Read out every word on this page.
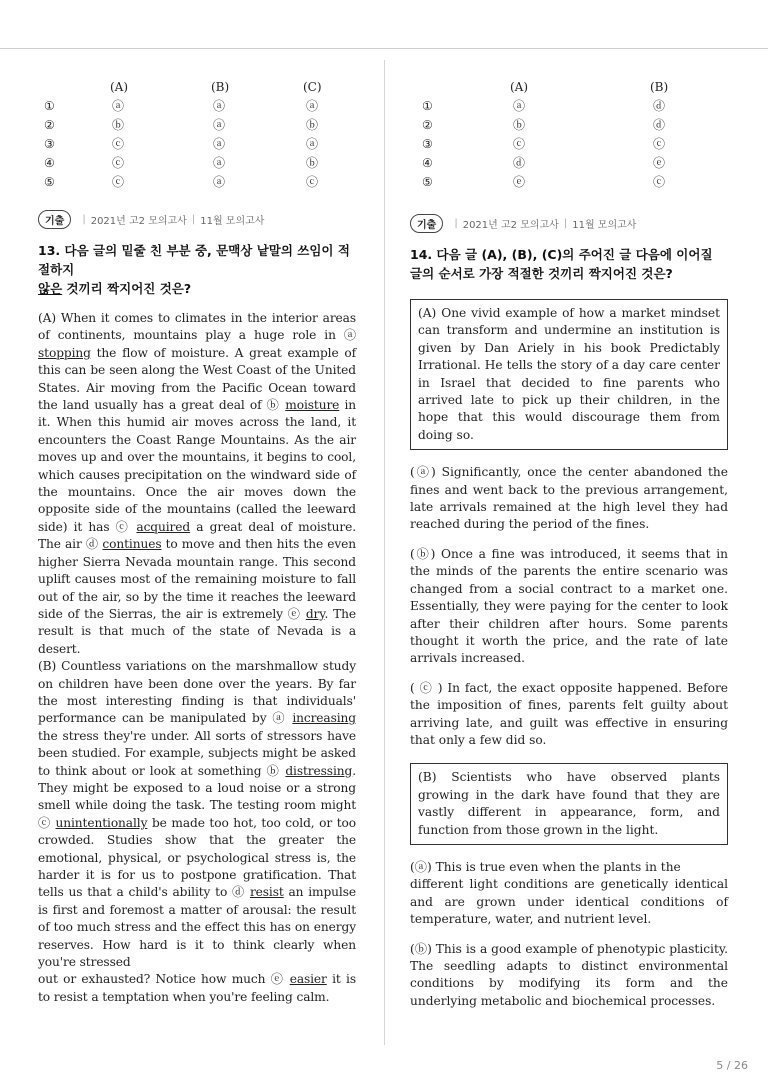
(A)	(B)	(C)
①	ⓐ	ⓐ	ⓐ
②	ⓑ	ⓐ	ⓑ
③	ⓒ	ⓐ	ⓐ
④	ⓒ	ⓐ	ⓑ
⑤	ⓒ	ⓐ	ⓒ
기출	| 2021년 고2 모의고사 | 11월 모의고사
13. 다음 글의 밑줄 친 부분 중, 문맥상 낱말의 쓰임이 적절하지
않은 것끼리 짝지어진 것은?

(A) When it comes to climates in the interior areas of continents, mountains play a huge role in ⓐ stopping the flow of moisture. A great example of this can be seen along the West Coast of the United States. Air moving from the Pacific Ocean toward the land usually has a great deal of ⓑ moisture in it. When this humid air moves across the land, it encounters the Coast Range Mountains. As the air moves up and over the mountains, it begins to cool, which causes precipitation on the windward side of the mountains. Once the air moves down the opposite side of the mountains (called the leeward side) it has ⓒ acquired a great deal of moisture. The air ⓓ continues to move and then hits the even higher Sierra Nevada mountain range. This second uplift causes most of the remaining moisture to fall out of the air, so by the time it reaches the leeward side of the Sierras, the air is extremely ⓔ dry. The result is that much of the state of Nevada is a desert.

(B) Countless variations on the marshmallow study on children have been done over the years. By far the most interesting finding is that individuals' performance can be manipulated by ⓐ increasing the stress they're under. All sorts of stressors have been studied. For example, subjects might be asked to think about or look at something ⓑ distressing. They might be exposed to a loud noise or a strong smell while doing the task. The testing room might ⓒ unintentionally be made too hot, too cold, or too crowded. Studies show that the greater the emotional, physical, or psychological stress is, the harder it is for us to postpone gratification. That tells us that a child's ability to ⓓ resist an impulse is first and foremost a matter of arousal: the result of too much stress and the effect this has on energy reserves. How hard is it to think clearly when you're stressed

out or exhausted? Notice how much ⓔ easier it is to resist a temptation when you're feeling calm.

(A)	(B)
①	ⓐ	ⓓ
②	ⓑ	ⓓ
③	ⓒ	ⓒ
④	ⓓ	ⓔ
⑤	ⓔ	ⓒ
기출	| 2021년 고2 모의고사 | 11월 모의고사
14. 다음 글 (A), (B), (C)의 주어진 글 다음에 이어질 글의 순서로 가장 적절한 것끼리 짝지어진 것은?
(A) One vivid example of how a market mindset can transform and undermine an institution is given by Dan Ariely in his book Predictably Irrational. He tells the story of a day care center in Israel that decided to fine parents who arrived late to pick up their children, in the hope that this would discourage them from doing so.
(ⓐ) Significantly, once the center abandoned the fines and went back to the previous arrangement, late arrivals remained at the high level they had reached during the period of the fines.
(ⓑ) Once a fine was introduced, it seems that in the minds of the parents the entire scenario was changed from a social contract to a market one. Essentially, they were paying for the center to look after their children after hours. Some parents thought it worth the price, and the rate of late arrivals increased.
( ⓒ ) In fact, the exact opposite happened. Before the imposition of fines, parents felt guilty about arriving late, and guilt was effective in ensuring that only a few did so.
(B) Scientists who have observed plants growing in the dark have found that they are vastly different in appearance, form, and function from those grown in the light.
(ⓐ) This is true even when the plants in the
different light conditions are genetically identical and are grown under identical conditions of temperature, water, and nutrient level.
(ⓑ) This is a good example of phenotypic plasticity. The seedling adapts to distinct environmental conditions by modifying its form and the underlying metabolic and biochemical processes.
5 / 26
